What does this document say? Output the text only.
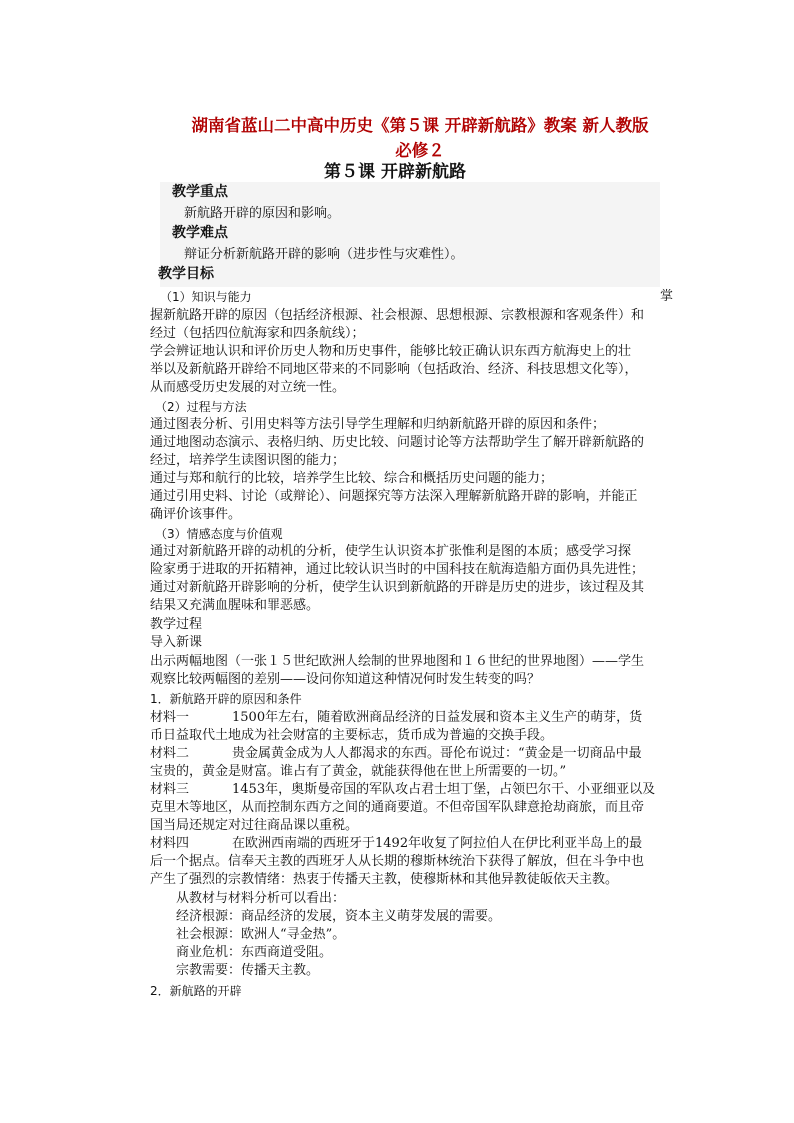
湖南省蓝山二中高中历史《第５课 开辟新航路》教案 新人教版
必修２
第５课 开辟新航路
教学重点
新航路开辟的原因和影响。
教学难点
辩证分析新航路开辟的影响（进步性与灾难性）。
教学目标
（1）知识与能力	掌
握新航路开辟的原因（包括经济根源、社会根源、思想根源、宗教根源和客观条件）和
经过（包括四位航海家和四条航线）；
学会辨证地认识和评价历史人物和历史事件，能够比较正确认识东西方航海史上的壮
举以及新航路开辟给不同地区带来的不同影响（包括政治、经济、科技思想文化等），
从而感受历史发展的对立统一性。
（2）过程与方法
通过图表分析、引用史料等方法引导学生理解和归纳新航路开辟的原因和条件；
通过地图动态演示、表格归纳、历史比较、问题讨论等方法帮助学生了解开辟新航路的
经过，培养学生读图识图的能力；
通过与郑和航行的比较，培养学生比较、综合和概括历史问题的能力；
通过引用史料、讨论（或辩论）、问题探究等方法深入理解新航路开辟的影响，并能正
确评价该事件。
（3）情感态度与价值观
通过对新航路开辟的动机的分析，使学生认识资本扩张惟利是图的本质；感受学习探
险家勇于进取的开拓精神，通过比较认识当时的中国科技在航海造船方面仍具先进性；
通过对新航路开辟影响的分析，使学生认识到新航路的开辟是历史的进步，该过程及其
结果又充满血腥味和罪恶感。
教学过程
导入新课
出示两幅地图（一张１５世纪欧洲人绘制的世界地图和１６世纪的世界地图）——学生
观察比较两幅图的差别——设问你知道这种情况何时发生转变的吗？
1．新航路开辟的原因和条件
材料一	1500年左右，随着欧洲商品经济的日益发展和资本主义生产的萌芽，货
币日益取代土地成为社会财富的主要标志，货币成为普遍的交换手段。
材料二	贵金属黄金成为人人都渴求的东西。哥伦布说过：“黄金是一切商品中最
宝贵的，黄金是财富。谁占有了黄金，就能获得他在世上所需要的一切。”
材料三	1453年，奥斯曼帝国的军队攻占君士坦丁堡，占领巴尔干、小亚细亚以及
克里木等地区，从而控制东西方之间的通商要道。不但帝国军队肆意抢劫商旅，而且帝
国当局还规定对过往商品课以重税。
材料四	在欧洲西南端的西班牙于1492年收复了阿拉伯人在伊比利亚半岛上的最
后一个据点。信奉天主教的西班牙人从长期的穆斯林统治下获得了解放，但在斗争中也
产生了强烈的宗教情绪：热衷于传播天主教，使穆斯林和其他异教徒皈依天主教。
从教材与材料分析可以看出：
经济根源：商品经济的发展，资本主义萌芽发展的需要。
社会根源：欧洲人“寻金热”。
商业危机：东西商道受阻。
宗教需要：传播天主教。
2．新航路的开辟
